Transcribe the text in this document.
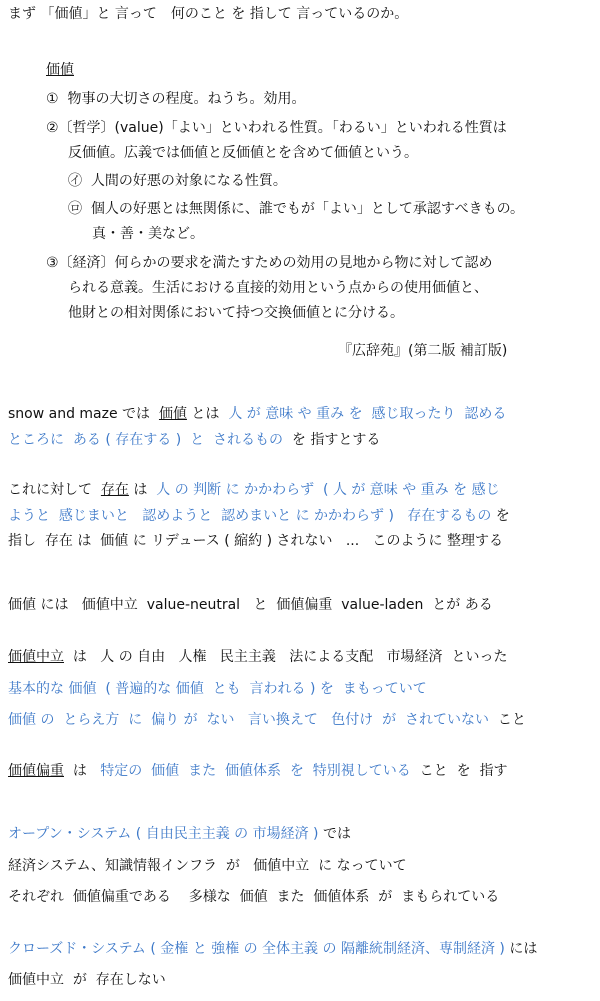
まず 「価値」と 言って　何のこと を 指して 言っているのか。
価値
①  物事の大切さの程度。ねうち。効用。
②〔哲学〕(value)「よい」といわれる性質。「わるい」といわれる性質は
反価値。広義では価値と反価値とを含めて価値という。
㋑  人間の好悪の対象になる性質。
㋺  個人の好悪とは無関係に、誰でもが「よい」として承認すべきもの。
真・善・美など。
③〔経済〕何らかの要求を満たすための効用の見地から物に対して認め
られる意義。生活における直接的効用という点からの使用価値と、
他財との相対関係において持つ交換価値とに分ける。
『広辞苑』(第二版 補訂版)
snow and maze では  価値 とは  人 が 意味 や 重み を  感じ取ったり  認める
ところに  ある ( 存在する )  と  されるもの  を 指すとする
これに対して  存在 は  人 の 判断 に かかわらず  ( 人 が 意味 や 重み を 感じ
ようと  感じまいと   認めようと  認めまいと に かかわらず )   存在するもの を
指し  存在 は  価値 に リデュース ( 縮約 ) されない   ...   このように 整理する
価値 には   価値中立  value-neutral   と  価値偏重  value-laden  とが ある
価値中立  は   人 の 自由   人権   民主主義   法による支配   市場経済  といった
基本的な 価値  ( 普遍的な 価値  とも  言われる ) を  まもっていて
価値 の  とらえ方  に  偏り が  ない   言い換えて   色付け  が  されていない  こと
価値偏重  は   特定の  価値  また  価値体系  を  特別視している  こと  を  指す
オープン・システム ( 自由民主主義 の 市場経済 ) では
経済システム、知識情報インフラ  が   価値中立  に なっていて
それぞれ  価値偏重である    多様な  価値  また  価値体系  が  まもられている
クローズド・システム ( 金権 と 強権 の 全体主義 の 隔離統制経済、専制経済 ) には
価値中立  が  存在しない
